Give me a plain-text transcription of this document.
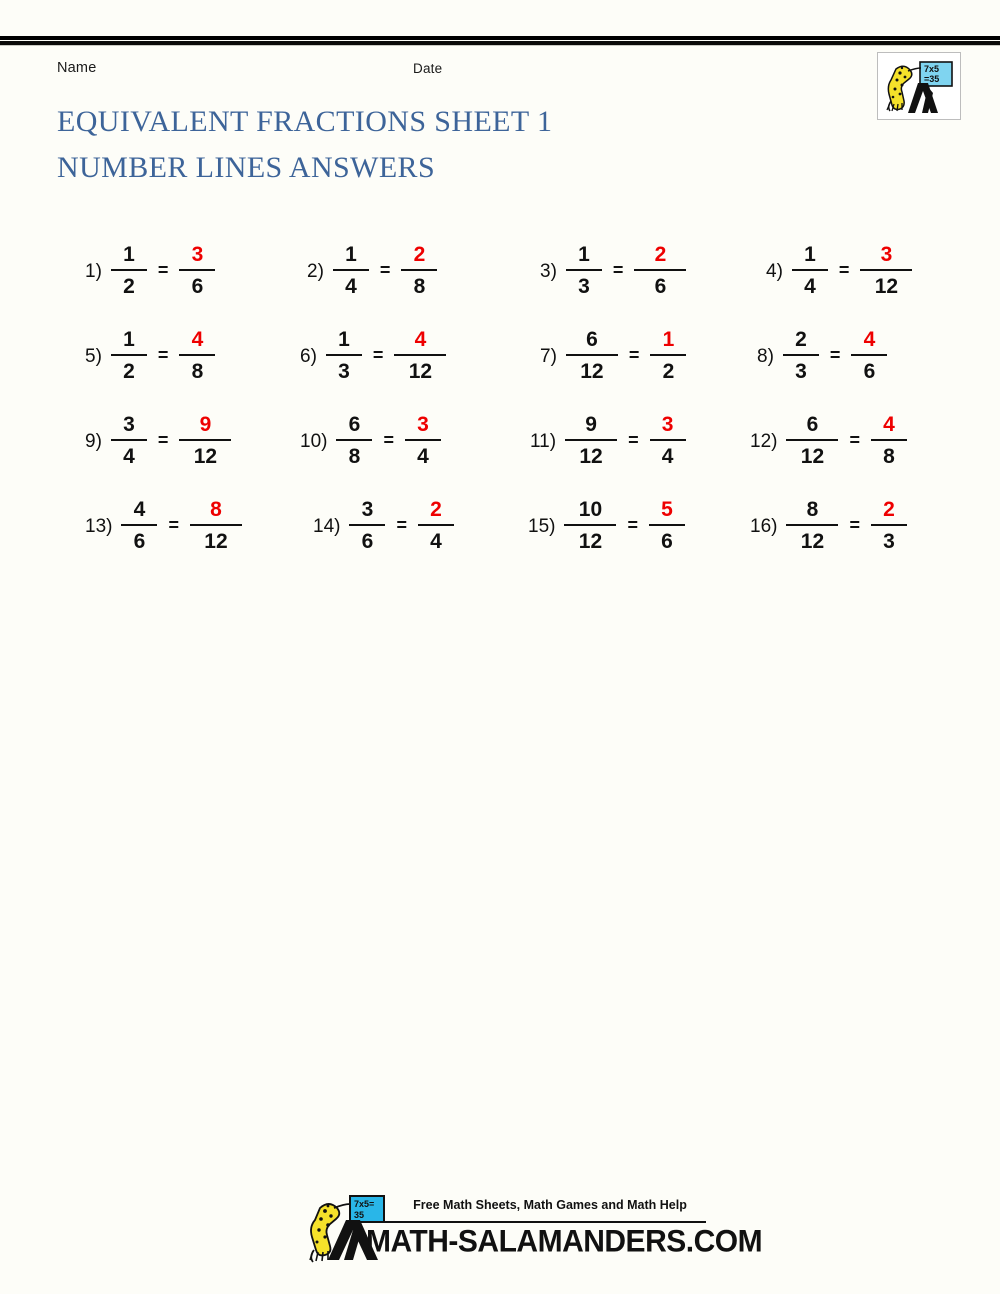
Name	Date	7x5
=35
EQUIVALENT FRACTIONS SHEET 1
NUMBER LINES ANSWERS
$1) \frac{1}{2} = \frac{3}{6}$	$2) \frac{1}{4} = \frac{2}{8}$	$3) \frac{1}{3} = \frac{2}{6}$	$4) \frac{1}{4} = \frac{3}{12}$
$5) \frac{1}{2} = \frac{4}{8}$	$6) \frac{1}{3} = \frac{4}{12}$	$7) \frac{6}{12} = \frac{1}{2}$	$8) \frac{2}{3} = \frac{4}{6}$
$9) \frac{3}{4} = \frac{9}{12}$	$10) \frac{6}{8} = \frac{3}{4}$	$11) \frac{9}{12} = \frac{3}{4}$	$12) \frac{6}{12} = \frac{4}{8}$
$13) \frac{4}{6} = \frac{8}{12}$	$14) \frac{3}{6} = \frac{2}{4}$	$15) \frac{10}{12} = \frac{5}{6}$	$16) \frac{8}{12} = \frac{2}{3}$
7x5=
35
Free Math Sheets, Math Games and Math Help
MATH-SALAMANDERS.COM
